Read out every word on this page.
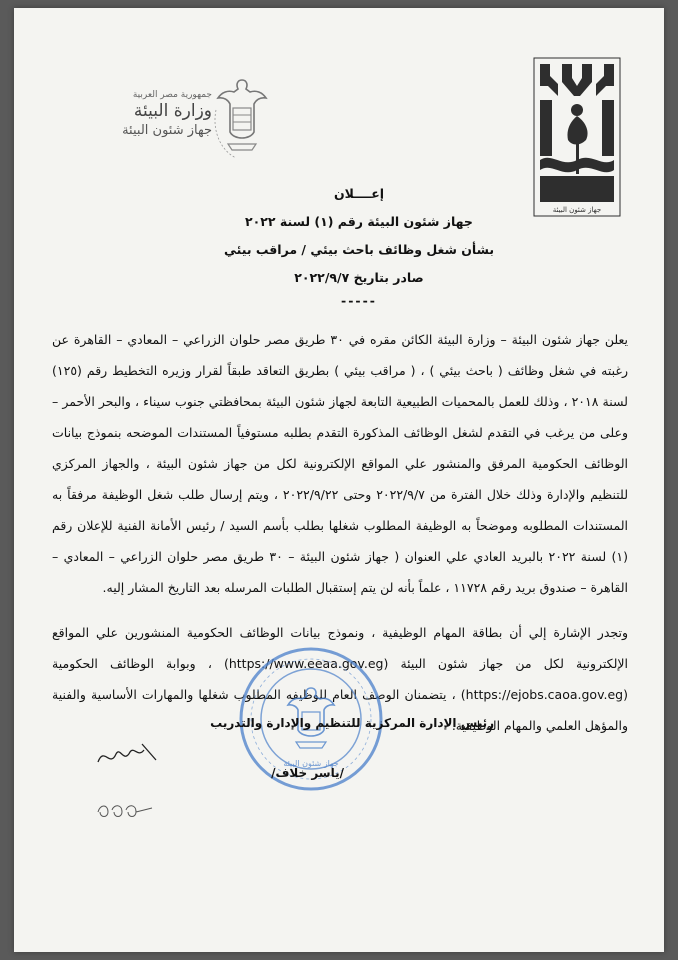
جمهورية مصر العربية
وزارة البيئة
جهاز شئون البيئة
جهاز شئون البيئة
إعــــلان
جهاز شئون البيئة رقم (١) لسنة ٢٠٢٢
بشأن شغل وظائف باحث بيئي / مراقب بيئي
صادر بتاريخ ٢٠٢٢/٩/٧
-----

يعلن جهاز شئون البيئة – وزارة البيئة الكائن مقره في ٣٠ طريق مصر حلوان الزراعي – المعادي – القاهرة عن رغبته في شغل وظائف ( باحث بيئي ) ، ( مراقب بيئي ) بطريق التعاقد طبقاً لقرار وزيره التخطيط رقم (١٢٥) لسنة ٢٠١٨ ، وذلك للعمل بالمحميات الطبيعية التابعة لجهاز شئون البيئة بمحافظتي جنوب سيناء ، والبحر الأحمر – وعلى من يرغب في التقدم لشغل الوظائف المذكورة التقدم بطلبه مستوفياً المستندات الموضحه بنموذج بيانات الوظائف الحكومية المرفق والمنشور علي المواقع الإلكترونية لكل من جهاز شئون البيئة ، والجهاز المركزي للتنظيم والإدارة وذلك خلال الفترة من ٢٠٢٢/٩/٧ وحتى ٢٠٢٢/٩/٢٢ ، ويتم إرسال طلب شغل الوظيفة مرفقاً به المستندات المطلوبه وموضحاً به الوظيفة المطلوب شغلها بطلب بأسم السيد / رئيس الأمانة الفنية للإعلان رقم (١) لسنة ٢٠٢٢ بالبريد العادي علي العنوان ( جهاز شئون البيئة – ٣٠ طريق مصر حلوان الزراعي – المعادي – القاهرة – صندوق بريد رقم ١١٧٢٨ ، علماً بأنه لن يتم إستقبال الطلبات المرسله بعد التاريخ المشار إليه.

وتجدر الإشارة إلي أن بطاقة المهام الوظيفية ، ونموذج بيانات الوظائف الحكومية المنشورين علي المواقع الإلكترونية لكل من جهاز شئون البيئة (https://www.eeaa.gov.eg) ، وبوابة الوظائف الحكومية (https://ejobs.caoa.gov.eg) ، يتضمنان الوصف العام للوظيفه المطلوب شغلها والمهارات الأساسية والفنية والمؤهل العلمي والمهام الوظيفية.

جهاز شئون البيئة
رئيس الإدارة المركزية للتنظيم والإدارة والتدريب
/ياسر خلاف/
